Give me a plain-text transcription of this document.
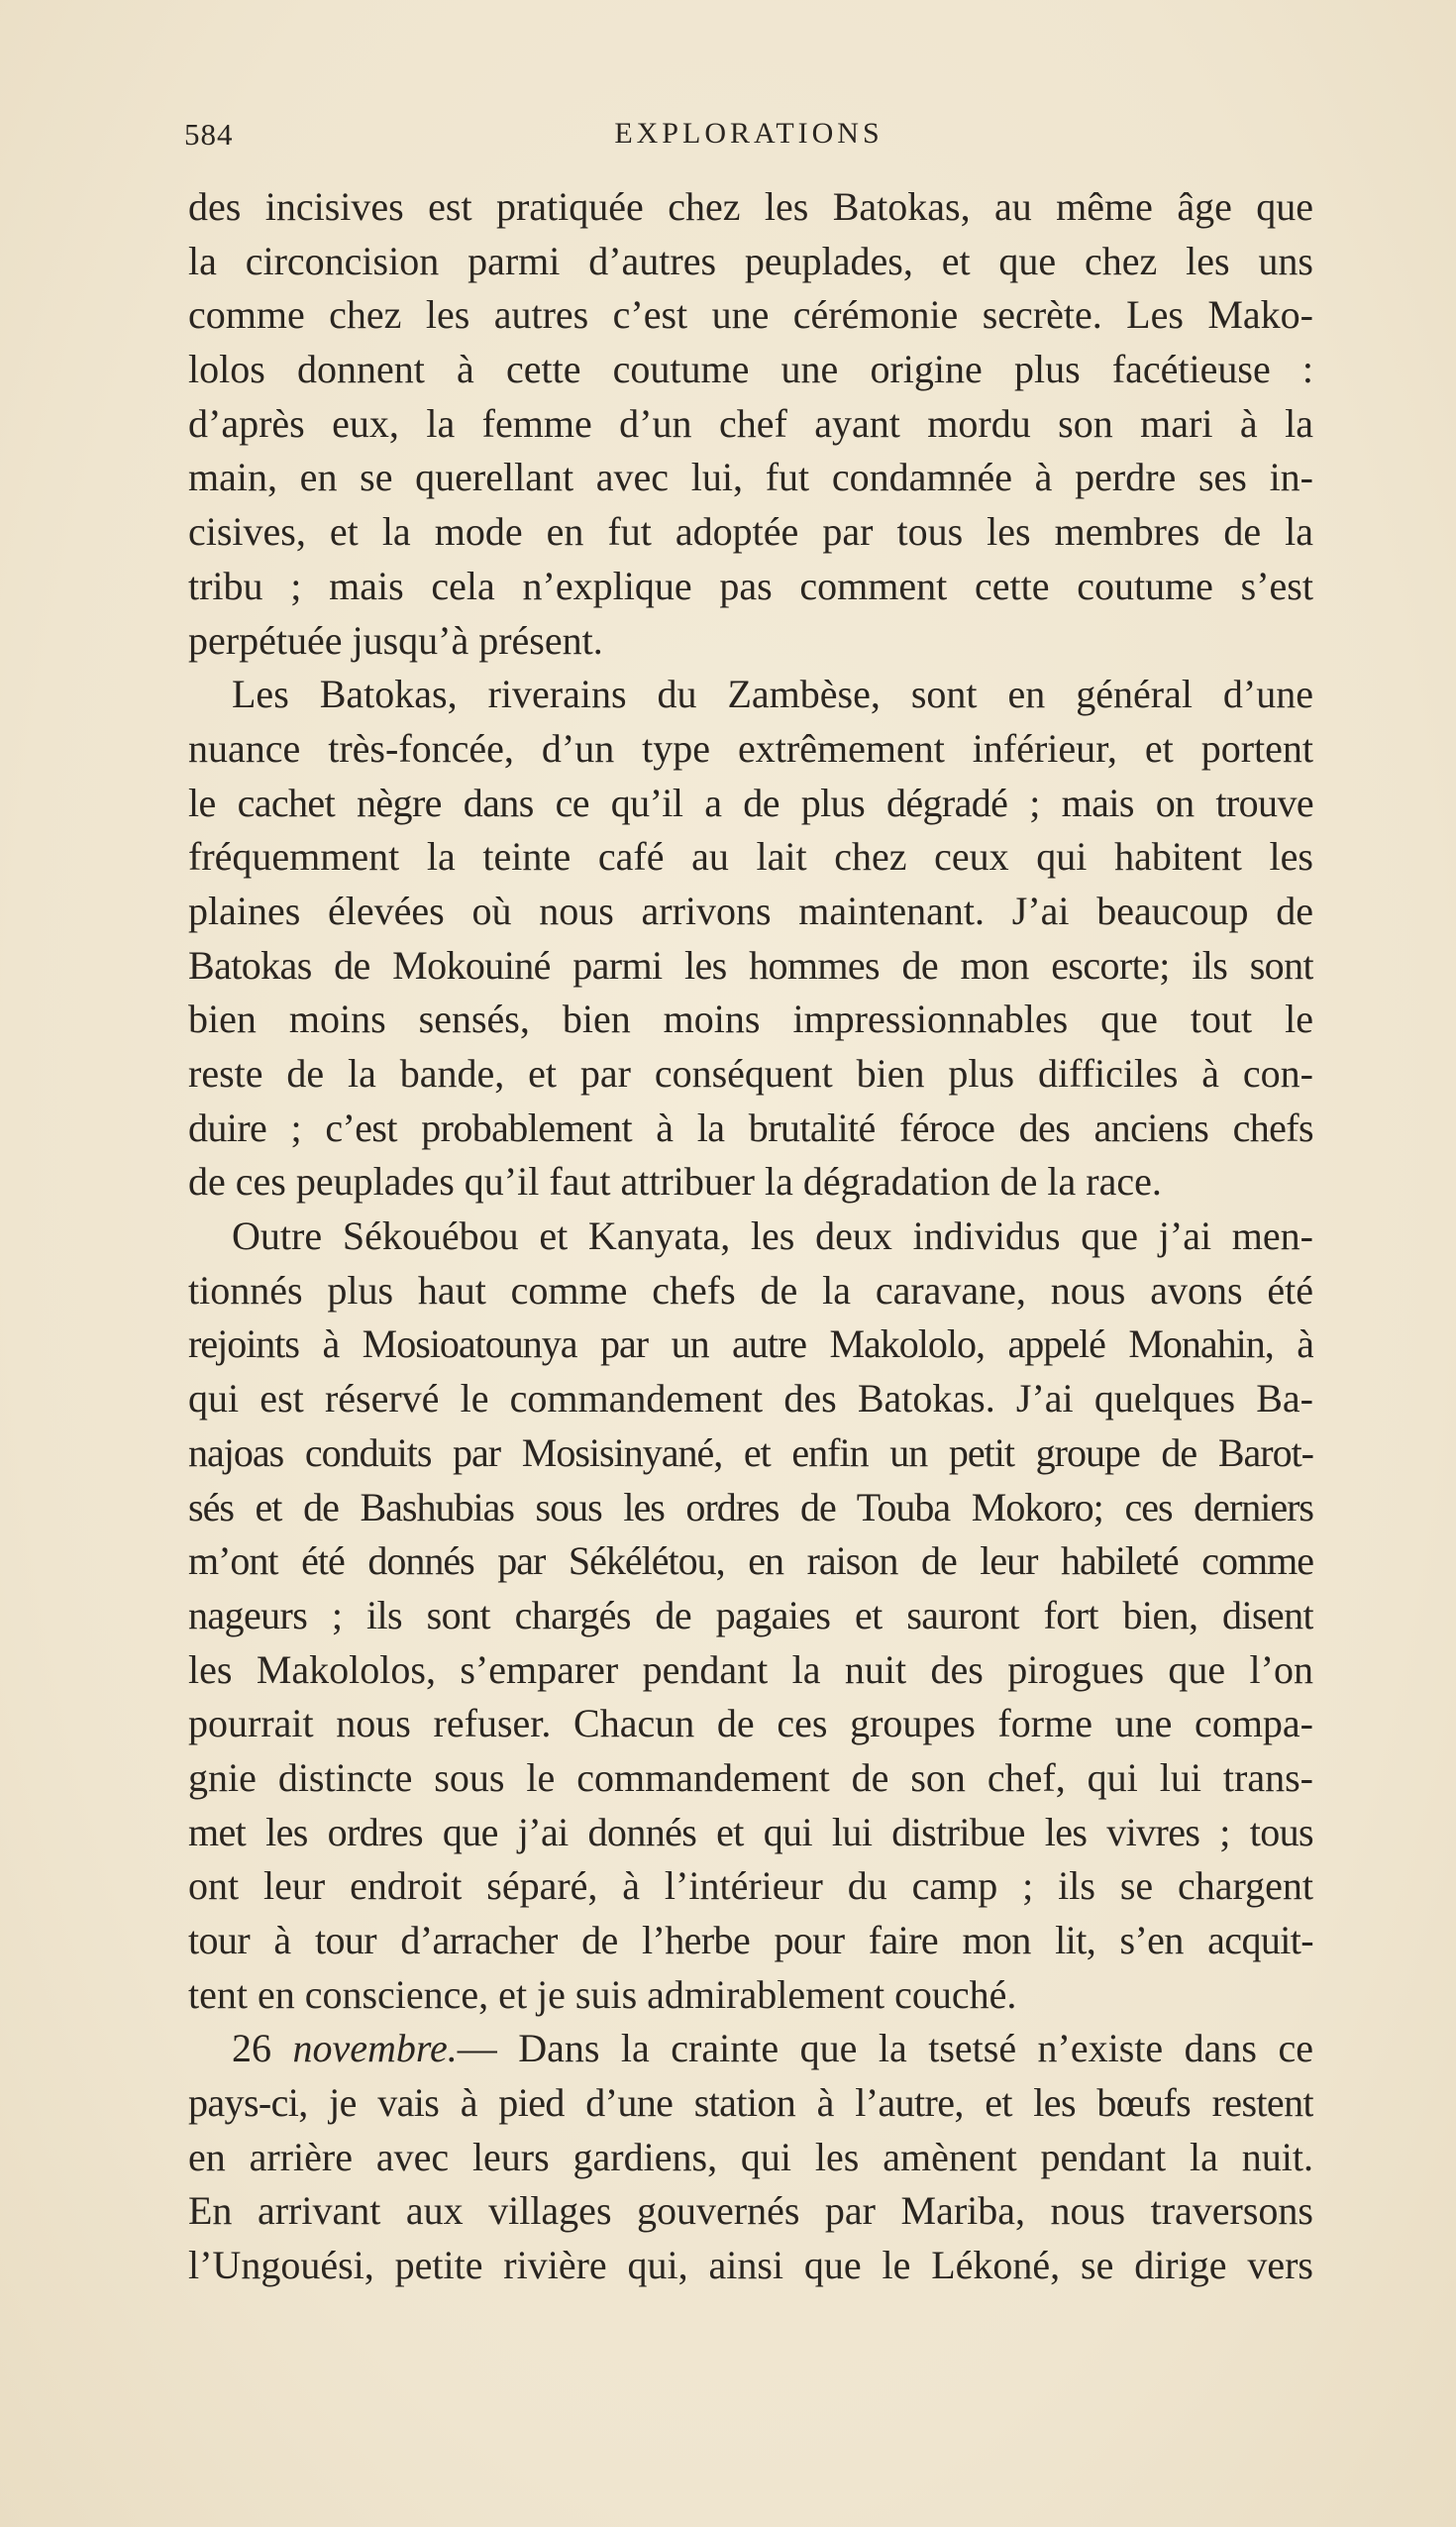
584	EXPLORATIONS
des incisives est pratiquée chez les Batokas, au même âge que
la circoncision parmi d’autres peuplades, et que chez les uns
comme chez les autres c’est une cérémonie secrète. Les Mako-
lolos donnent à cette coutume une origine plus facétieuse :
d’après eux, la femme d’un chef ayant mordu son mari à la
main, en se querellant avec lui, fut condamnée à perdre ses in-
cisives, et la mode en fut adoptée par tous les membres de la
tribu ; mais cela n’explique pas comment cette coutume s’est
perpétuée jusqu’à présent.
Les Batokas, riverains du Zambèse, sont en général d’une
nuance très-foncée, d’un type extrêmement inférieur, et portent
le cachet nègre dans ce qu’il a de plus dégradé ; mais on trouve
fréquemment la teinte café au lait chez ceux qui habitent les
plaines élevées où nous arrivons maintenant. J’ai beaucoup de
Batokas de Mokouiné parmi les hommes de mon escorte; ils sont
bien moins sensés, bien moins impressionnables que tout le
reste de la bande, et par conséquent bien plus difficiles à con-
duire ; c’est probablement à la brutalité féroce des anciens chefs
de ces peuplades qu’il faut attribuer la dégradation de la race.
Outre Sékouébou et Kanyata, les deux individus que j’ai men-
tionnés plus haut comme chefs de la caravane, nous avons été
rejoints à Mosioatounya par un autre Makololo, appelé Monahin, à
qui est réservé le commandement des Batokas. J’ai quelques Ba-
najoas conduits par Mosisinyané, et enfin un petit groupe de Barot-
sés et de Bashubias sous les ordres de Touba Mokoro; ces derniers
m’ont été donnés par Sékélétou, en raison de leur habileté comme
nageurs ; ils sont chargés de pagaies et sauront fort bien, disent
les Makololos, s’emparer pendant la nuit des pirogues que l’on
pourrait nous refuser. Chacun de ces groupes forme une compa-
gnie distincte sous le commandement de son chef, qui lui trans-
met les ordres que j’ai donnés et qui lui distribue les vivres ; tous
ont leur endroit séparé, à l’intérieur du camp ; ils se chargent
tour à tour d’arracher de l’herbe pour faire mon lit, s’en acquit-
tent en conscience, et je suis admirablement couché.
26 novembre.— Dans la crainte que la tsetsé n’existe dans ce
pays-ci, je vais à pied d’une station à l’autre, et les bœufs restent
en arrière avec leurs gardiens, qui les amènent pendant la nuit.
En arrivant aux villages gouvernés par Mariba, nous traversons
l’Ungouési, petite rivière qui, ainsi que le Lékoné, se dirige vers
